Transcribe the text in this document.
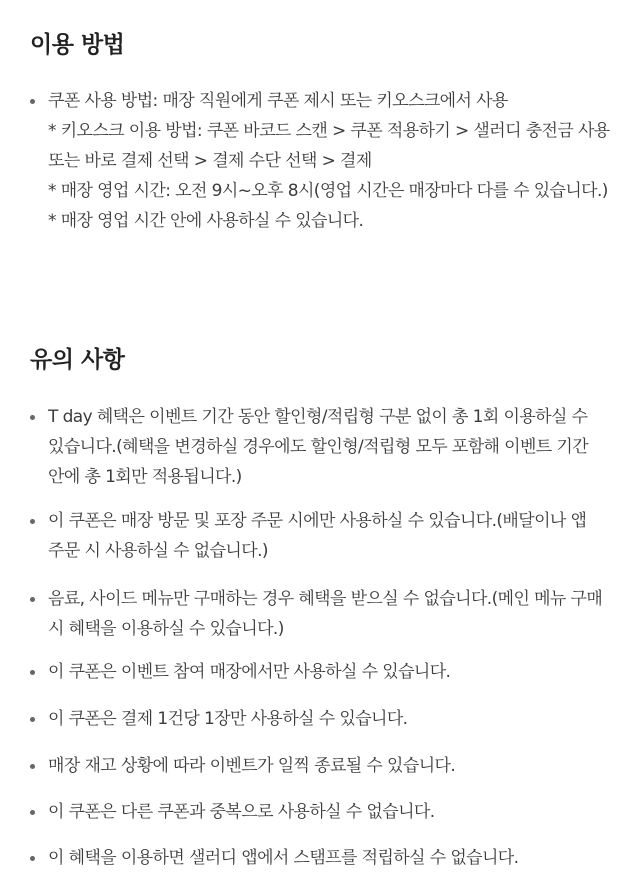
이용 방법
쿠폰 사용 방법: 매장 직원에게 쿠폰 제시 또는 키오스크에서 사용
* 키오스크 이용 방법: 쿠폰 바코드 스캔 > 쿠폰 적용하기 > 샐러디 충전금 사용 또는 바로 결제 선택 > 결제 수단 선택 > 결제
* 매장 영업 시간: 오전 9시~오후 8시(영업 시간은 매장마다 다를 수 있습니다.)
* 매장 영업 시간 안에 사용하실 수 있습니다.
유의 사항
T day 혜택은 이벤트 기간 동안 할인형/적립형 구분 없이 총 1회 이용하실 수 있습니다.(혜택을 변경하실 경우에도 할인형/적립형 모두 포함해 이벤트 기간 안에 총 1회만 적용됩니다.)
이 쿠폰은 매장 방문 및 포장 주문 시에만 사용하실 수 있습니다.(배달이나 앱 주문 시 사용하실 수 없습니다.)
음료, 사이드 메뉴만 구매하는 경우 혜택을 받으실 수 없습니다.(메인 메뉴 구매 시 혜택을 이용하실 수 있습니다.)
이 쿠폰은 이벤트 참여 매장에서만 사용하실 수 있습니다.
이 쿠폰은 결제 1건당 1장만 사용하실 수 있습니다.
매장 재고 상황에 따라 이벤트가 일찍 종료될 수 있습니다.
이 쿠폰은 다른 쿠폰과 중복으로 사용하실 수 없습니다.
이 혜택을 이용하면 샐러디 앱에서 스탬프를 적립하실 수 없습니다.
